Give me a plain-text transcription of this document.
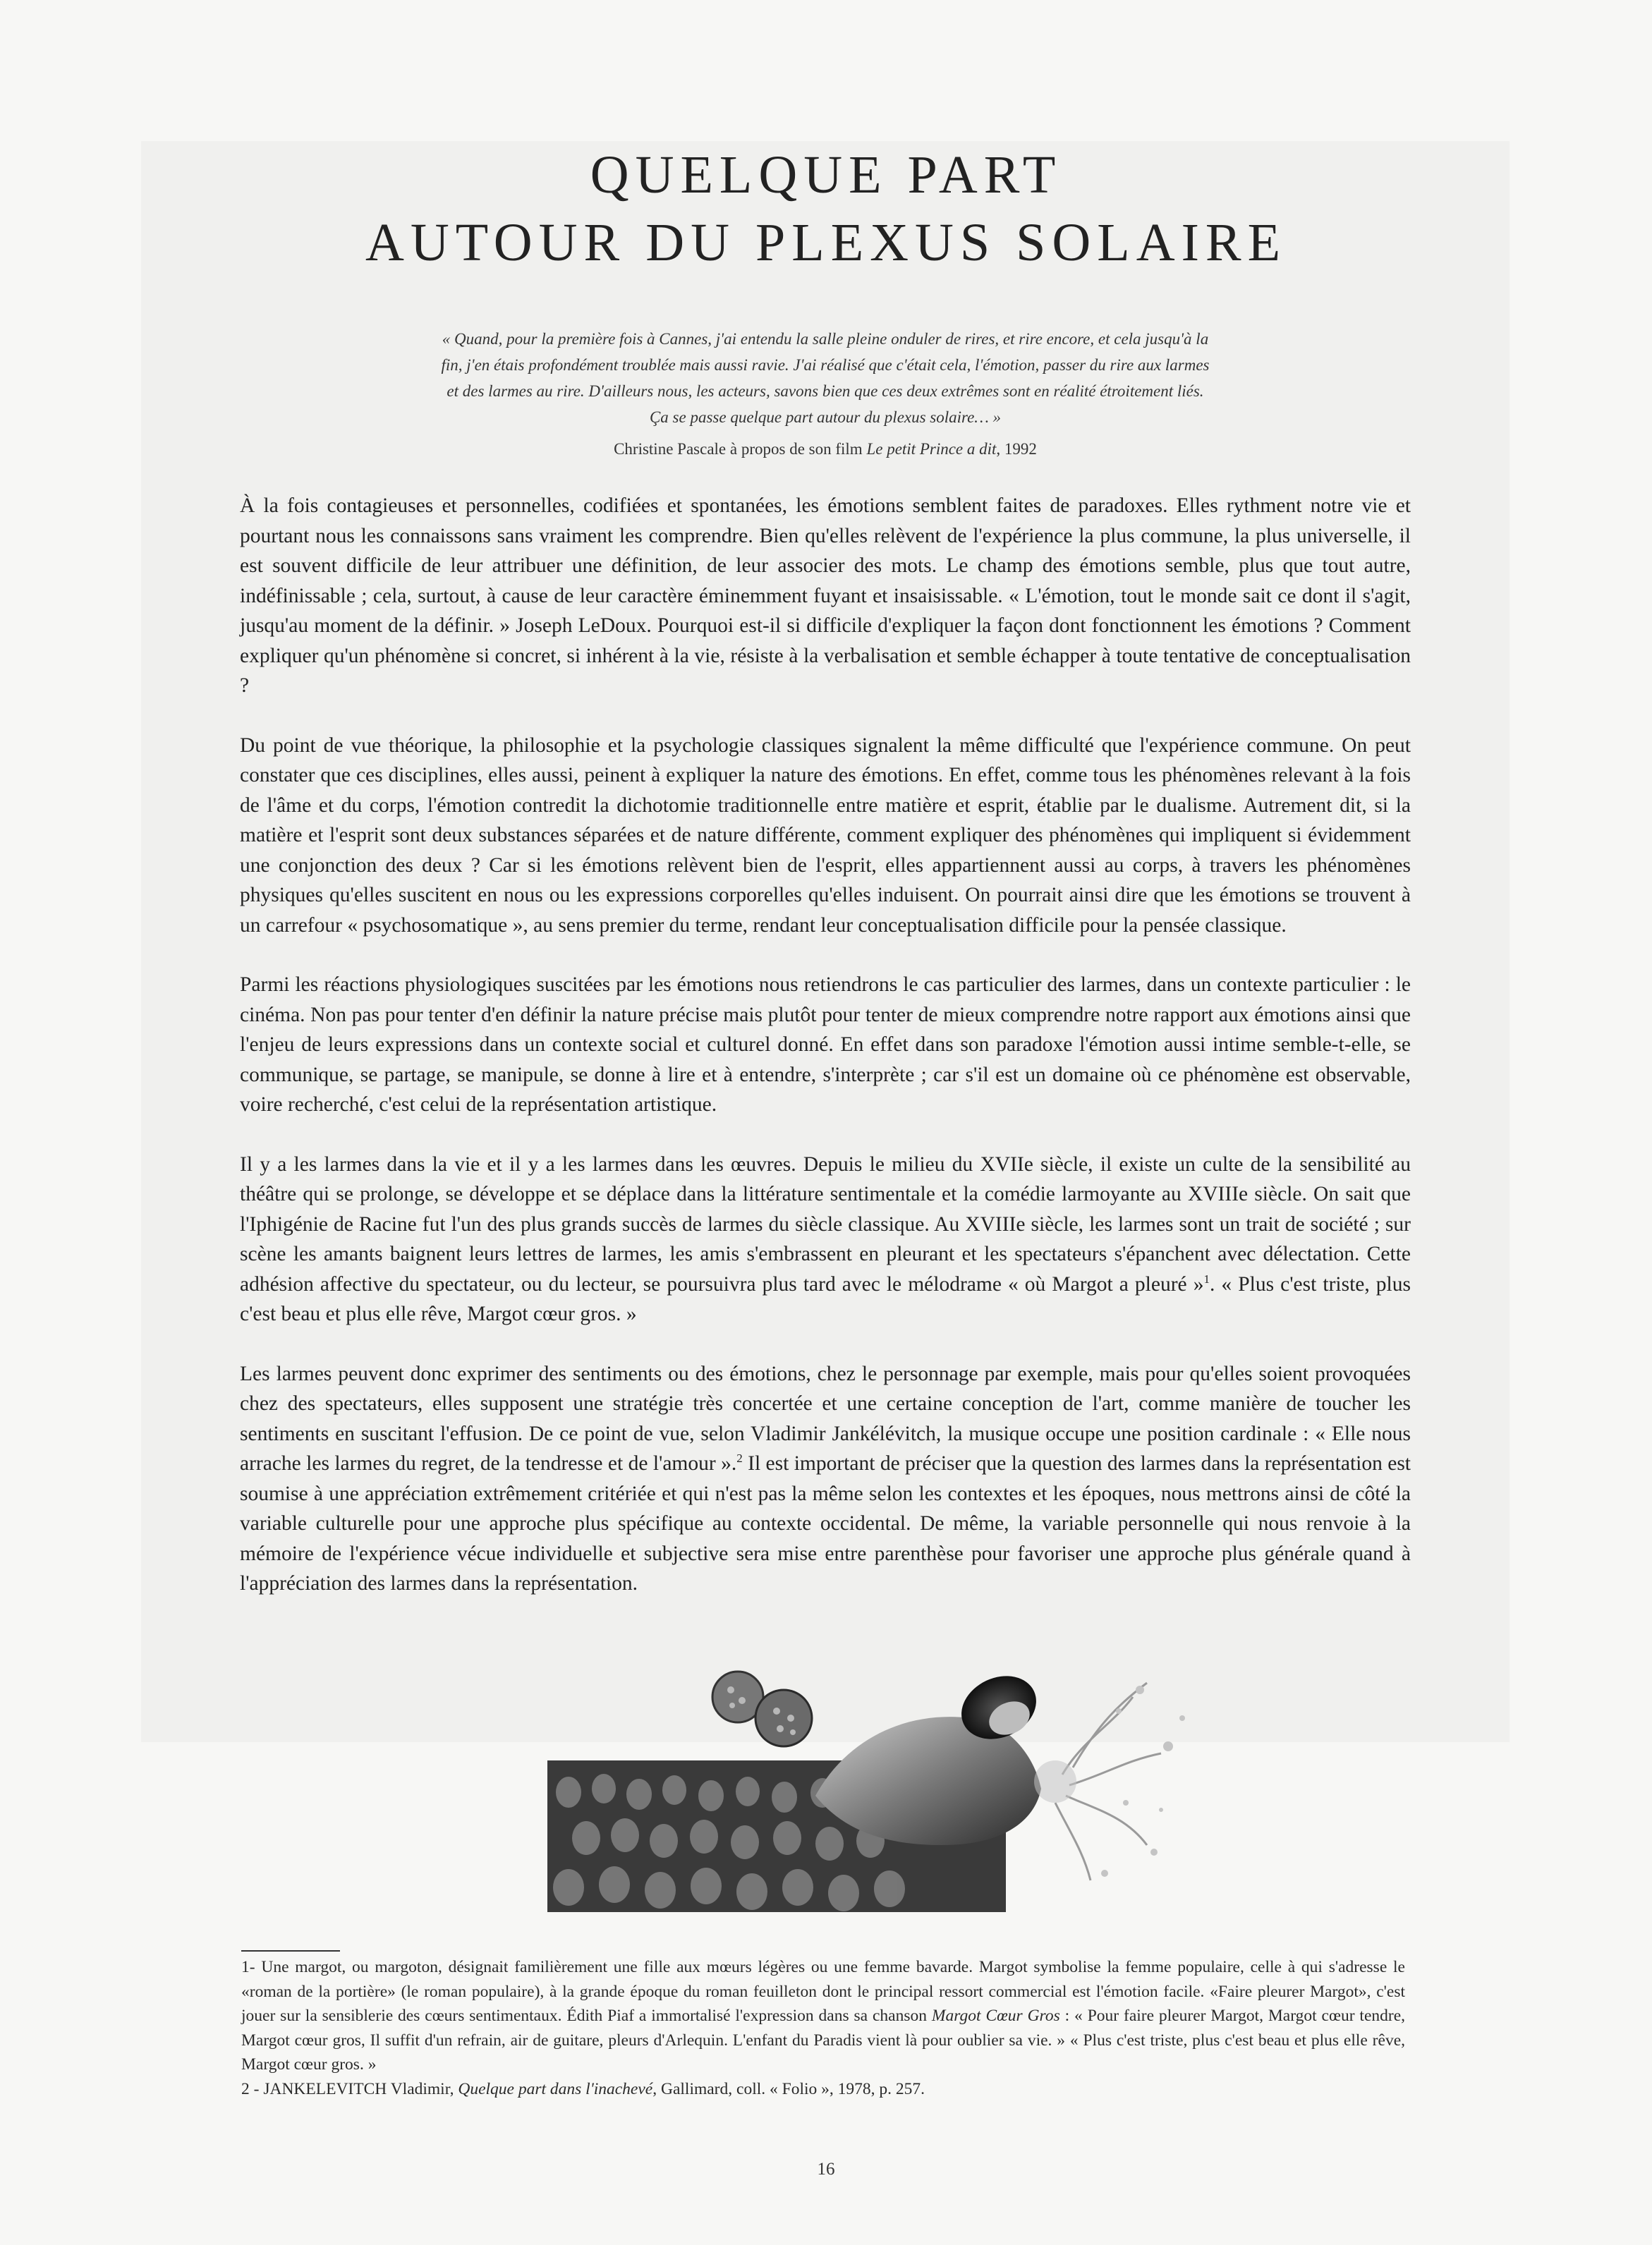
QUELQUE PART
AUTOUR DU PLEXUS SOLAIRE
« Quand, pour la première fois à Cannes, j'ai entendu la salle pleine onduler de rires, et rire encore, et cela jusqu'à la fin, j'en étais profondément troublée mais aussi ravie. J'ai réalisé que c'était cela, l'émotion, passer du rire aux larmes et des larmes au rire. D'ailleurs nous, les acteurs, savons bien que ces deux extrêmes sont en réalité étroitement liés. Ça se passe quelque part autour du plexus solaire… »
Christine Pascale à propos de son film Le petit Prince a dit, 1992

À la fois contagieuses et personnelles, codifiées et spontanées, les émotions semblent faites de paradoxes. Elles rythment notre vie et pourtant nous les connaissons sans vraiment les comprendre. Bien qu'elles relèvent de l'expérience la plus commune, la plus universelle, il est souvent difficile de leur attribuer une définition, de leur associer des mots. Le champ des émotions semble, plus que tout autre, indéfinissable ; cela, surtout, à cause de leur caractère éminemment fuyant et insaisissable. « L'émotion, tout le monde sait ce dont il s'agit, jusqu'au moment de la définir. » Joseph LeDoux. Pourquoi est-il si difficile d'expliquer la façon dont fonctionnent les émotions ? Comment expliquer qu'un phénomène si concret, si inhérent à la vie, résiste à la verbalisation et semble échapper à toute tentative de conceptualisation ?

Du point de vue théorique, la philosophie et la psychologie classiques signalent la même difficulté que l'expérience commune. On peut constater que ces disciplines, elles aussi, peinent à expliquer la nature des émotions. En effet, comme tous les phénomènes relevant à la fois de l'âme et du corps, l'émotion contredit la dichotomie traditionnelle entre matière et esprit, établie par le dualisme. Autrement dit, si la matière et l'esprit sont deux substances séparées et de nature différente, comment expliquer des phénomènes qui impliquent si évidemment une conjonction des deux ? Car si les émotions relèvent bien de l'esprit, elles appartiennent aussi au corps, à travers les phénomènes physiques qu'elles suscitent en nous ou les expressions corporelles qu'elles induisent. On pourrait ainsi dire que les émotions se trouvent à un carrefour « psychosomatique », au sens premier du terme, rendant leur conceptualisation difficile pour la pensée classique.

Parmi les réactions physiologiques suscitées par les émotions nous retiendrons le cas particulier des larmes, dans un contexte particulier : le cinéma. Non pas pour tenter d'en définir la nature précise mais plutôt pour tenter de mieux comprendre notre rapport aux émotions ainsi que l'enjeu de leurs expressions dans un contexte social et culturel donné. En effet dans son paradoxe l'émotion aussi intime semble-t-elle, se communique, se partage, se manipule, se donne à lire et à entendre, s'interprète ; car s'il est un domaine où ce phénomène est observable, voire recherché, c'est celui de la représentation artistique.

Il y a les larmes dans la vie et il y a les larmes dans les œuvres. Depuis le milieu du XVIIe siècle, il existe un culte de la sensibilité au théâtre qui se prolonge, se développe et se déplace dans la littérature sentimentale et la comédie larmoyante au XVIIIe siècle. On sait que l'Iphigénie de Racine fut l'un des plus grands succès de larmes du siècle classique. Au XVIIIe siècle, les larmes sont un trait de société ; sur scène les amants baignent leurs lettres de larmes, les amis s'embrassent en pleurant et les spectateurs s'épanchent avec délectation. Cette adhésion affective du spectateur, ou du lecteur, se poursuivra plus tard avec le mélodrame « où Margot a pleuré »$^1$. « Plus c'est triste, plus c'est beau et plus elle rêve, Margot cœur gros. »

Les larmes peuvent donc exprimer des sentiments ou des émotions, chez le personnage par exemple, mais pour qu'elles soient provoquées chez des spectateurs, elles supposent une stratégie très concertée et une certaine conception de l'art, comme manière de toucher les sentiments en suscitant l'effusion. De ce point de vue, selon Vladimir Jankélévitch, la musique occupe une position cardinale : « Elle nous arrache les larmes du regret, de la tendresse et de l'amour ».$^2$ Il est important de préciser que la question des larmes dans la représentation est soumise à une appréciation extrêmement critériée et qui n'est pas la même selon les contextes et les époques, nous mettrons ainsi de côté la variable culturelle pour une approche plus spécifique au contexte occidental. De même, la variable personnelle qui nous renvoie à la mémoire de l'expérience vécue individuelle et subjective sera mise entre parenthèse pour favoriser une approche plus générale quand à l'appréciation des larmes dans la représentation.

1- Une margot, ou margoton, désignait familièrement une fille aux mœurs légères ou une femme bavarde. Margot symbolise la femme populaire, celle à qui s'adresse le «roman de la portière» (le roman populaire), à la grande époque du roman feuilleton dont le principal ressort commercial est l'émotion facile. «Faire pleurer Margot», c'est jouer sur la sensiblerie des cœurs sentimentaux. Édith Piaf a immortalisé l'expression dans sa chanson Margot Cœur Gros : « Pour faire pleurer Margot, Margot cœur tendre, Margot cœur gros, Il suffit d'un refrain, air de guitare, pleurs d'Arlequin. L'enfant du Paradis vient là pour oublier sa vie. » « Plus c'est triste, plus c'est beau et plus elle rêve, Margot cœur gros. »

2 - JANKELEVITCH Vladimir, Quelque part dans l'inachevé, Gallimard, coll. « Folio », 1978, p. 257.

16
